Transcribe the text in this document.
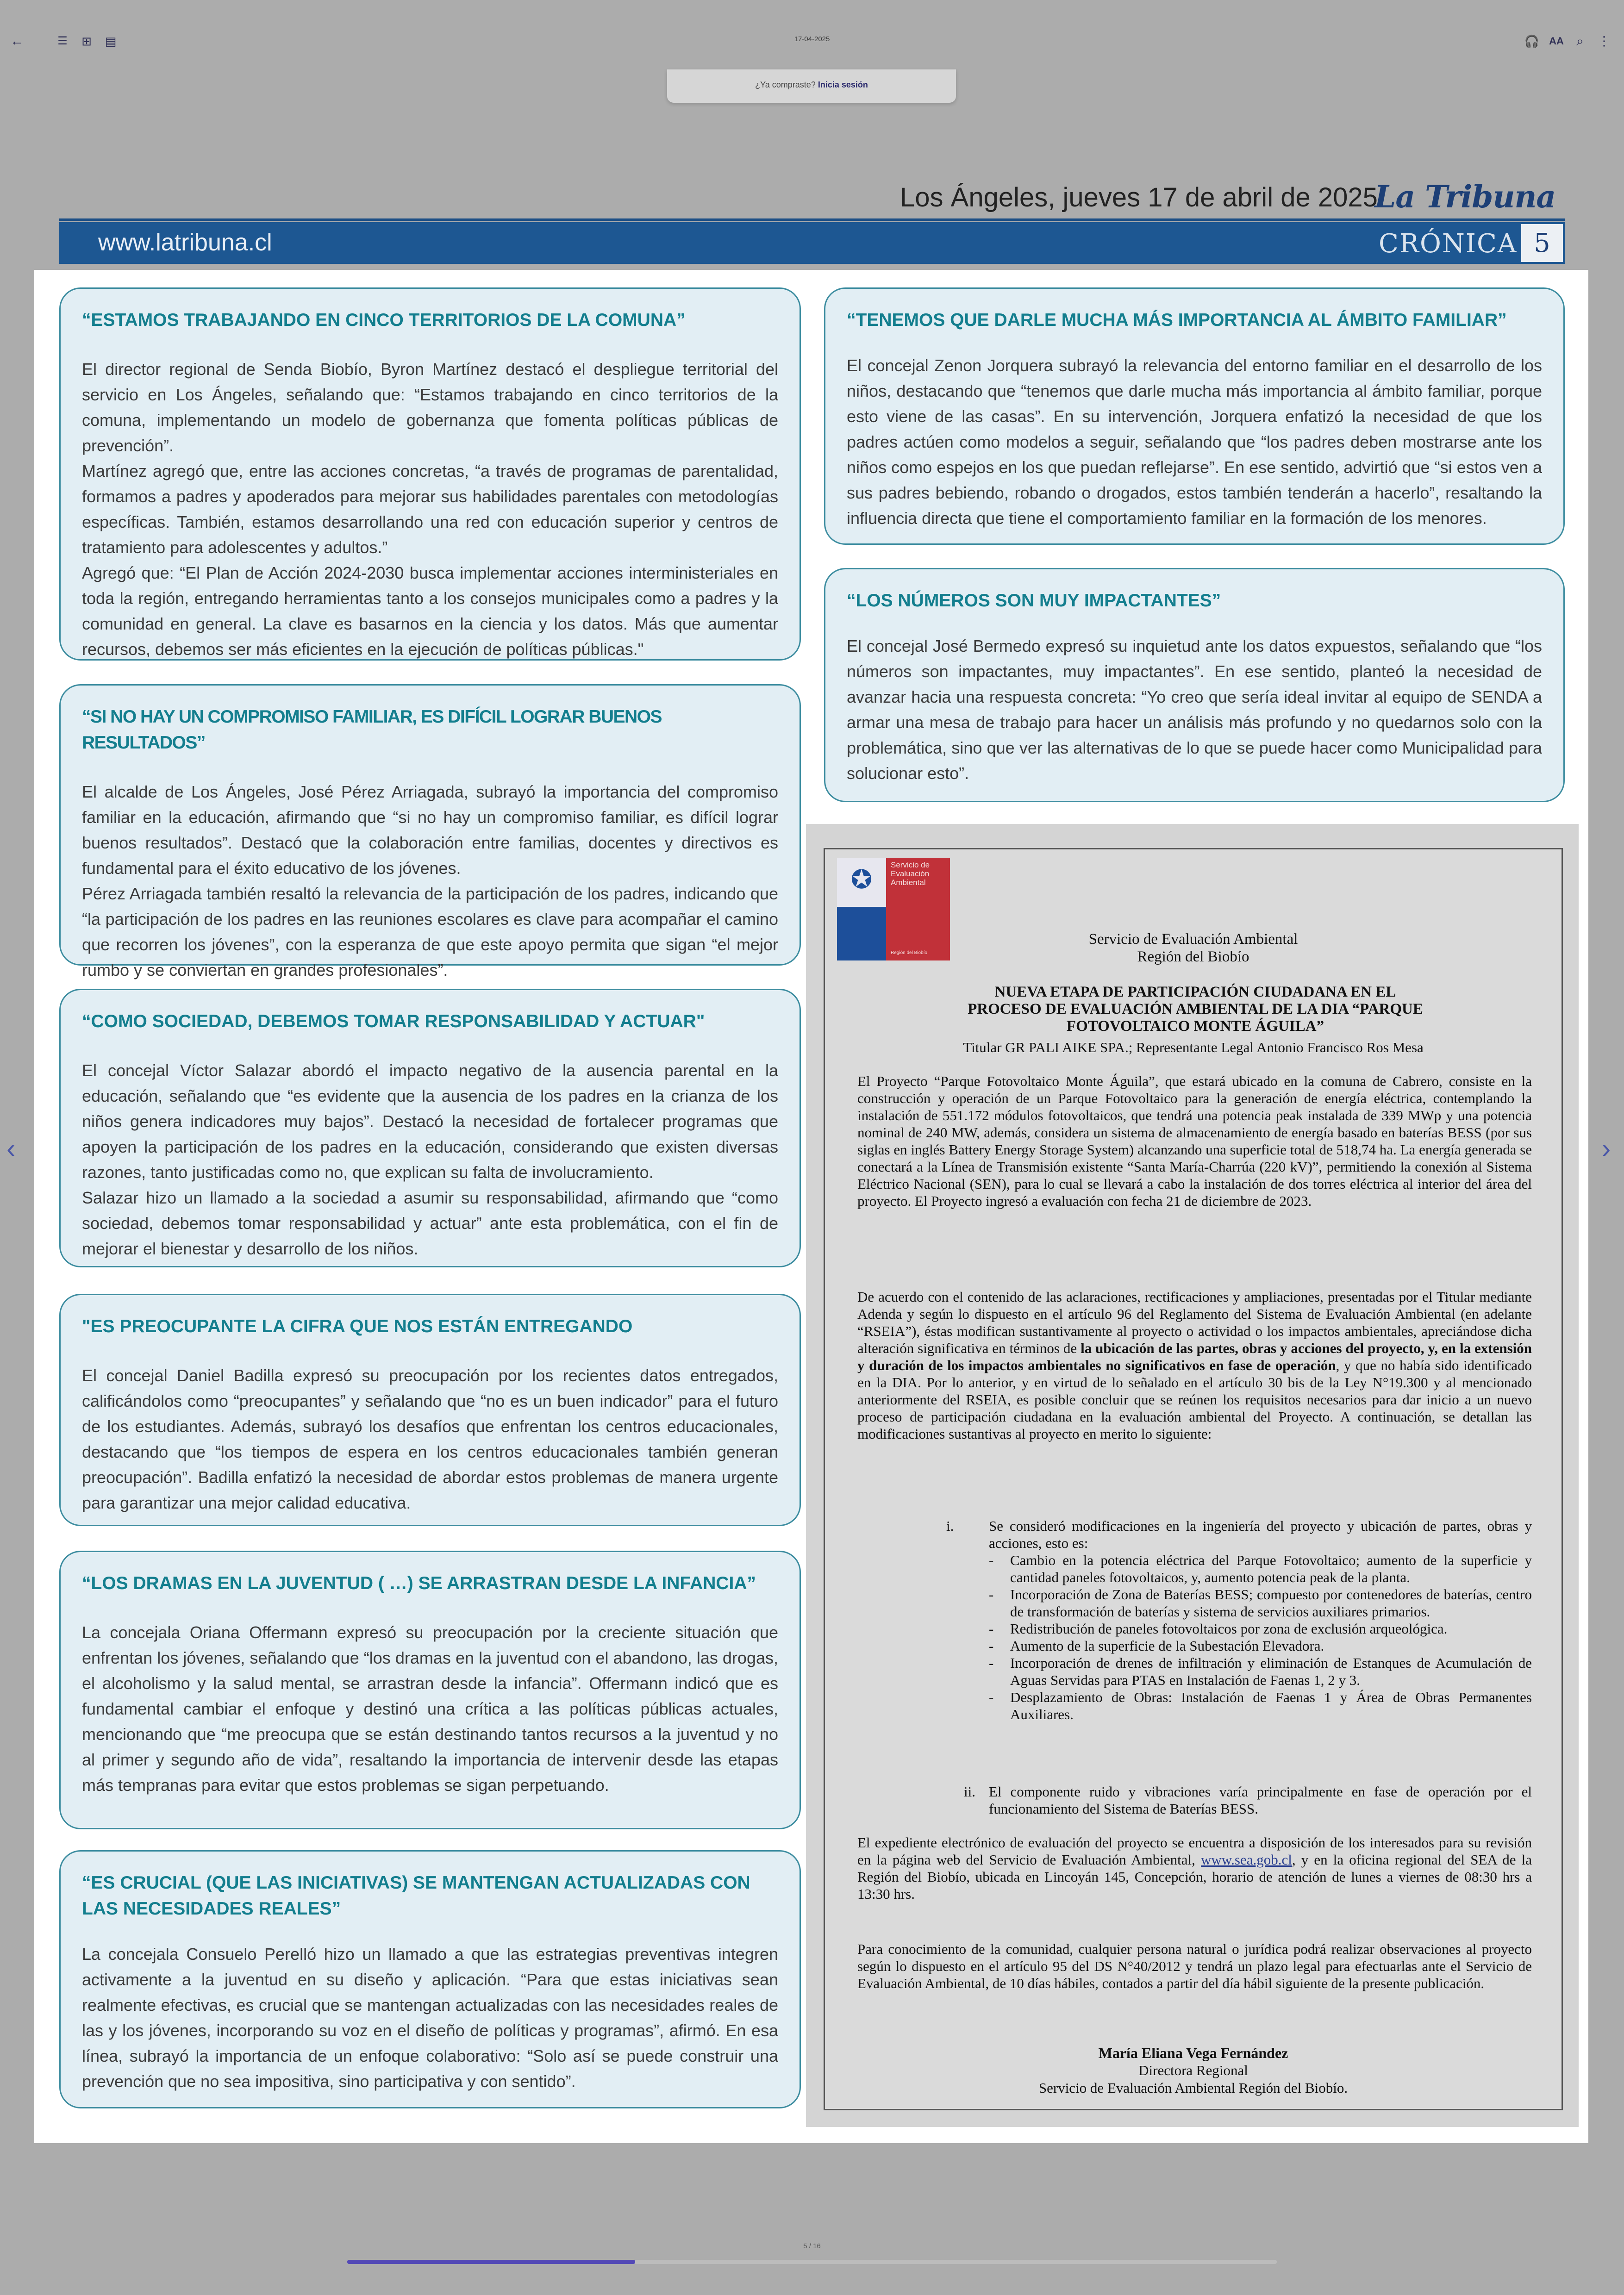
←	☰ ⊞ ▤	17-04-2025	🎧 AA ⌕	⋮
¿Ya compraste? Inicia sesión
Los Ángeles, jueves 17 de abril de 2025
La Tribuna
www.latribuna.cl	CRÓNICA 5
“ESTAMOS TRABAJANDO EN CINCO TERRITORIOS DE LA COMUNA”

El director regional de Senda Biobío, Byron Martínez destacó el despliegue territorial del servicio en Los Ángeles, señalando que: “Estamos trabajando en cinco territorios de la comuna, implementando un modelo de gobernanza que fomenta políticas públicas de prevención”.

Martínez agregó que, entre las acciones concretas, “a través de programas de parentalidad, formamos a padres y apoderados para mejorar sus habilidades parentales con metodologías específicas. También, estamos desarrollando una red con educación superior y centros de tratamiento para adolescentes y adultos.”

Agregó que: “El Plan de Acción 2024-2030 busca implementar acciones interministeriales en toda la región, entregando herramientas tanto a los consejos municipales como a padres y la comunidad en general. La clave es basarnos en la ciencia y los datos. Más que aumentar recursos, debemos ser más eficientes en la ejecución de políticas públicas."

“SI NO HAY UN COMPROMISO FAMILIAR, ES DIFÍCIL LOGRAR BUENOS RESULTADOS”

El alcalde de Los Ángeles, José Pérez Arriagada, subrayó la importancia del compromiso familiar en la educación, afirmando que “si no hay un compromiso familiar, es difícil lograr buenos resultados”. Destacó que la colaboración entre familias, docentes y directivos es fundamental para el éxito educativo de los jóvenes.

Pérez Arriagada también resaltó la relevancia de la participación de los padres, indicando que “la participación de los padres en las reuniones escolares es clave para acompañar el camino que recorren los jóvenes”, con la esperanza de que este apoyo permita que sigan “el mejor rumbo y se conviertan en grandes profesionales”.

“COMO SOCIEDAD, DEBEMOS TOMAR RESPONSABILIDAD Y ACTUAR"

El concejal Víctor Salazar abordó el impacto negativo de la ausencia parental en la educación, señalando que “es evidente que la ausencia de los padres en la crianza de los niños genera indicadores muy bajos”. Destacó la necesidad de fortalecer programas que apoyen la participación de los padres en la educación, considerando que existen diversas razones, tanto justificadas como no, que explican su falta de involucramiento.

Salazar hizo un llamado a la sociedad a asumir su responsabilidad, afirmando que “como sociedad, debemos tomar responsabilidad y actuar” ante esta problemática, con el fin de mejorar el bienestar y desarrollo de los niños.

"ES PREOCUPANTE LA CIFRA QUE NOS ESTÁN ENTREGANDO

El concejal Daniel Badilla expresó su preocupación por los recientes datos entregados, calificándolos como “preocupantes” y señalando que “no es un buen indicador” para el futuro de los estudiantes. Además, subrayó los desafíos que enfrentan los centros educacionales, destacando que “los tiempos de espera en los centros educacionales también generan preocupación”. Badilla enfatizó la necesidad de abordar estos problemas de manera urgente para garantizar una mejor calidad educativa.

“LOS DRAMAS EN LA JUVENTUD ( …) SE ARRASTRAN DESDE LA INFANCIA”

La concejala Oriana Offermann expresó su preocupación por la creciente situación que enfrentan los jóvenes, señalando que “los dramas en la juventud con el abandono, las drogas, el alcoholismo y la salud mental, se arrastran desde la infancia”. Offermann indicó que es fundamental cambiar el enfoque y destinó una crítica a las políticas públicas actuales, mencionando que “me preocupa que se están destinando tantos recursos a la juventud y no al primer y segundo año de vida”, resaltando la importancia de intervenir desde las etapas más tempranas para evitar que estos problemas se sigan perpetuando.

“ES CRUCIAL (QUE LAS INICIATIVAS) SE MANTENGAN ACTUALIZADAS CON LAS NECESIDADES REALES”

La concejala Consuelo Perelló hizo un llamado a que las estrategias preventivas integren activamente a la juventud en su diseño y aplicación. “Para que estas iniciativas sean realmente efectivas, es crucial que se mantengan actualizadas con las necesidades reales de las y los jóvenes, incorporando su voz en el diseño de políticas y programas”, afirmó. En esa línea, subrayó la importancia de un enfoque colaborativo: “Solo así se puede construir una prevención que no sea impositiva, sino participativa y con sentido”.

“TENEMOS QUE DARLE MUCHA MÁS IMPORTANCIA AL ÁMBITO FAMILIAR”

El concejal Zenon Jorquera subrayó la relevancia del entorno familiar en el desarrollo de los niños, destacando que “tenemos que darle mucha más importancia al ámbito familiar, porque esto viene de las casas”. En su intervención, Jorquera enfatizó la necesidad de que los padres actúen como modelos a seguir, señalando que “los padres deben mostrarse ante los niños como espejos en los que puedan reflejarse”. En ese sentido, advirtió que “si estos ven a sus padres bebiendo, robando o drogados, estos también tenderán a hacerlo”, resaltando la influencia directa que tiene el comportamiento familiar en la formación de los menores.

“LOS NÚMEROS SON MUY IMPACTANTES”

El concejal José Bermedo expresó su inquietud ante los datos expuestos, señalando que “los números son impactantes, muy impactantes”. En ese sentido, planteó la necesidad de avanzar hacia una respuesta concreta: “Yo creo que sería ideal invitar al equipo de SENDA a armar una mesa de trabajo para hacer un análisis más profundo y no quedarnos solo con la problemática, sino que ver las alternativas de lo que se puede hacer como Municipalidad para solucionar esto”.

✪	Servicio de Evaluación Ambiental
Región del Biobío
Servicio de Evaluación Ambiental
Región del Biobío
NUEVA ETAPA DE PARTICIPACIÓN CIUDADANA EN EL PROCESO DE EVALUACIÓN AMBIENTAL DE LA DIA “PARQUE FOTOVOLTAICO MONTE ÁGUILA”
Titular GR PALI AIKE SPA.; Representante Legal Antonio Francisco Ros Mesa
El Proyecto “Parque Fotovoltaico Monte Águila”, que estará ubicado en la comuna de Cabrero, consiste en la construcción y operación de un Parque Fotovoltaico para la generación de energía eléctrica, contemplando la instalación de 551.172 módulos fotovoltaicos, que tendrá una potencia peak instalada de 339 MWp y una potencia nominal de 240 MW, además, considera un sistema de almacenamiento de energía basado en baterías BESS (por sus siglas en inglés Battery Energy Storage System) alcanzando una superficie total de 518,74 ha. La energía generada se conectará a la Línea de Transmisión existente “Santa María-Charrúa (220 kV)”, permitiendo la conexión al Sistema Eléctrico Nacional (SEN), para lo cual se llevará a cabo la instalación de dos torres eléctrica al interior del área del proyecto. El Proyecto ingresó a evaluación con fecha 21 de diciembre de 2023.
De acuerdo con el contenido de las aclaraciones, rectificaciones y ampliaciones, presentadas por el Titular mediante Adenda y según lo dispuesto en el artículo 96 del Reglamento del Sistema de Evaluación Ambiental (en adelante “RSEIA”), éstas modifican sustantivamente al proyecto o actividad o los impactos ambientales, apreciándose dicha alteración significativa en términos de la ubicación de las partes, obras y acciones del proyecto, y, en la extensión y duración de los impactos ambientales no significativos en fase de operación, y que no había sido identificado en la DIA. Por lo anterior, y en virtud de lo señalado en el artículo 30 bis de la Ley N°19.300 y al mencionado anteriormente del RSEIA, es posible concluir que se reúnen los requisitos necesarios para dar inicio a un nuevo proceso de participación ciudadana en la evaluación ambiental del Proyecto. A continuación, se detallan las modificaciones sustantivas al proyecto en merito lo siguiente:
i. Se consideró modificaciones en la ingeniería del proyecto y ubicación de partes, obras y acciones, esto es:
-	Cambio en la potencia eléctrica del Parque Fotovoltaico; aumento de la superficie y cantidad paneles fotovoltaicos, y, aumento potencia peak de la planta.
-	Incorporación de Zona de Baterías BESS; compuesto por contenedores de baterías, centro de transformación de baterías y sistema de servicios auxiliares primarios.
-	Redistribución de paneles fotovoltaicos por zona de exclusión arqueológica.
-	Aumento de la superficie de la Subestación Elevadora.
-	Incorporación de drenes de infiltración y eliminación de Estanques de Acumulación de Aguas Servidas para PTAS en Instalación de Faenas 1, 2 y 3.
-	Desplazamiento de Obras: Instalación de Faenas 1 y Área de Obras Permanentes Auxiliares.
ii. El componente ruido y vibraciones varía principalmente en fase de operación por el funcionamiento del Sistema de Baterías BESS.
El expediente electrónico de evaluación del proyecto se encuentra a disposición de los interesados para su revisión en la página web del Servicio de Evaluación Ambiental, www.sea.gob.cl, y en la oficina regional del SEA de la Región del Biobío, ubicada en Lincoyán 145, Concepción, horario de atención de lunes a viernes de 08:30 hrs a 13:30 hrs.
Para conocimiento de la comunidad, cualquier persona natural o jurídica podrá realizar observaciones al proyecto según lo dispuesto en el artículo 95 del DS N°40/2012 y tendrá un plazo legal para efectuarlas ante el Servicio de Evaluación Ambiental, de 10 días hábiles, contados a partir del día hábil siguiente de la presente publicación.
María Eliana Vega Fernández
Directora Regional
Servicio de Evaluación Ambiental Región del Biobío.
‹	›
5 / 16
